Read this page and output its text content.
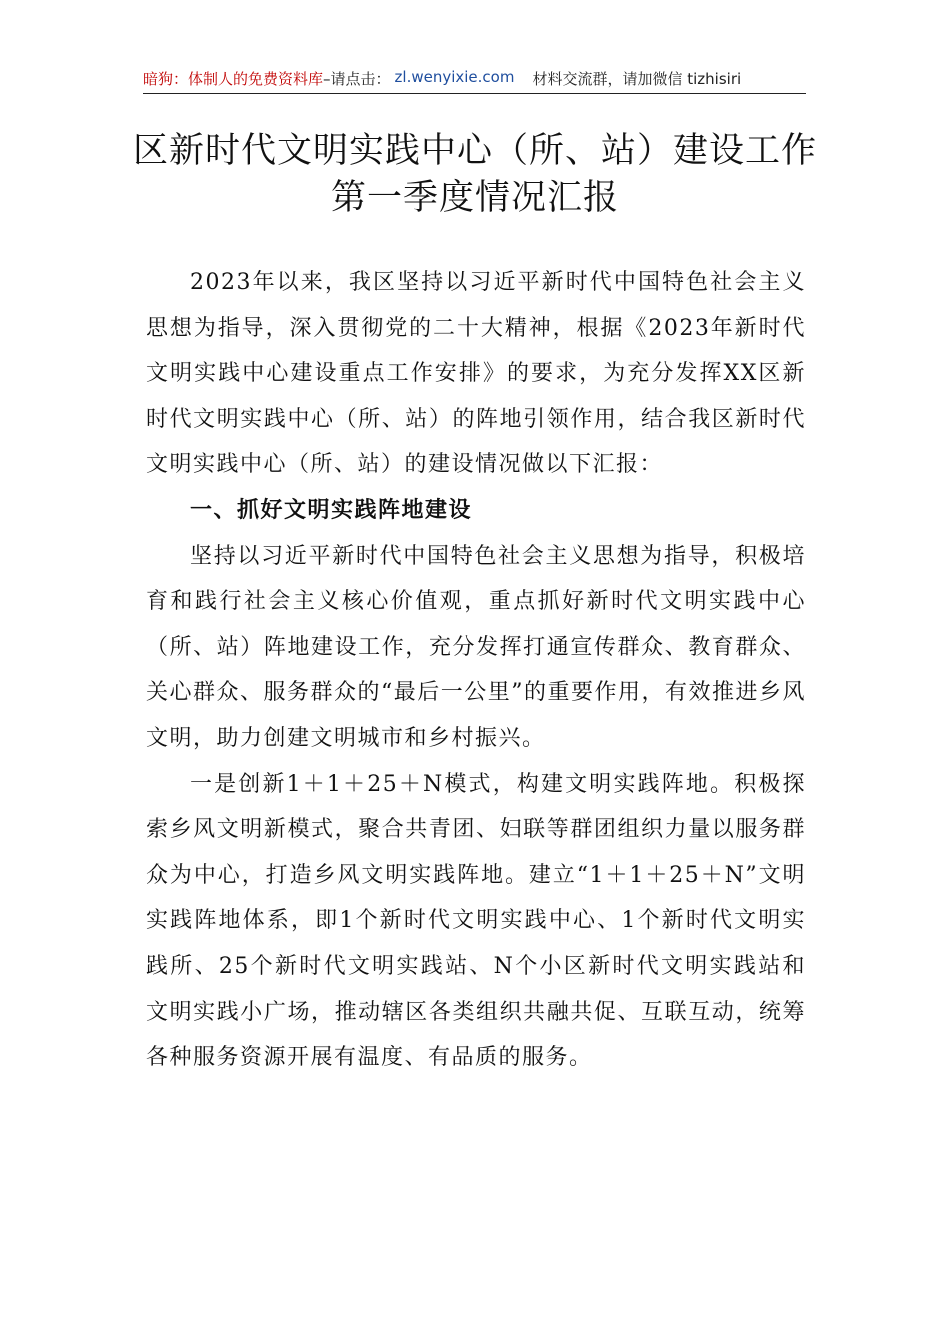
暗狗：体制人的免费资料库 –请点击： zl.wenyixie.com 材料交流群，请加微信 tizhisiri
区新时代文明实践中心（所、站）建设工作第一季度情况汇报

2023年以来，我区坚持以习近平新时代中国特色社会主义思想为指导，深入贯彻党的二十大精神，根据《2023年新时代文明实践中心建设重点工作安排》的要求，为充分发挥XX区新时代文明实践中心（所、站）的阵地引领作用，结合我区新时代文明实践中心（所、站）的建设情况做以下汇报：

一、抓好文明实践阵地建设

坚持以习近平新时代中国特色社会主义思想为指导，积极培育和践行社会主义核心价值观，重点抓好新时代文明实践中心（所、站）阵地建设工作，充分发挥打通宣传群众、教育群众、关心群众、服务群众的“最后一公里”的重要作用，有效推进乡风文明，助力创建文明城市和乡村振兴。

一是创新1＋1＋25＋N模式，构建文明实践阵地。积极探索乡风文明新模式，聚合共青团、妇联等群团组织力量以服务群众为中心，打造乡风文明实践阵地。建立“1＋1＋25＋N”文明实践阵地体系，即1个新时代文明实践中心、1个新时代文明实践所、25个新时代文明实践站、N个小区新时代文明实践站和文明实践小广场，推动辖区各类组织共融共促、互联互动，统筹各种服务资源开展有温度、有品质的服务。
